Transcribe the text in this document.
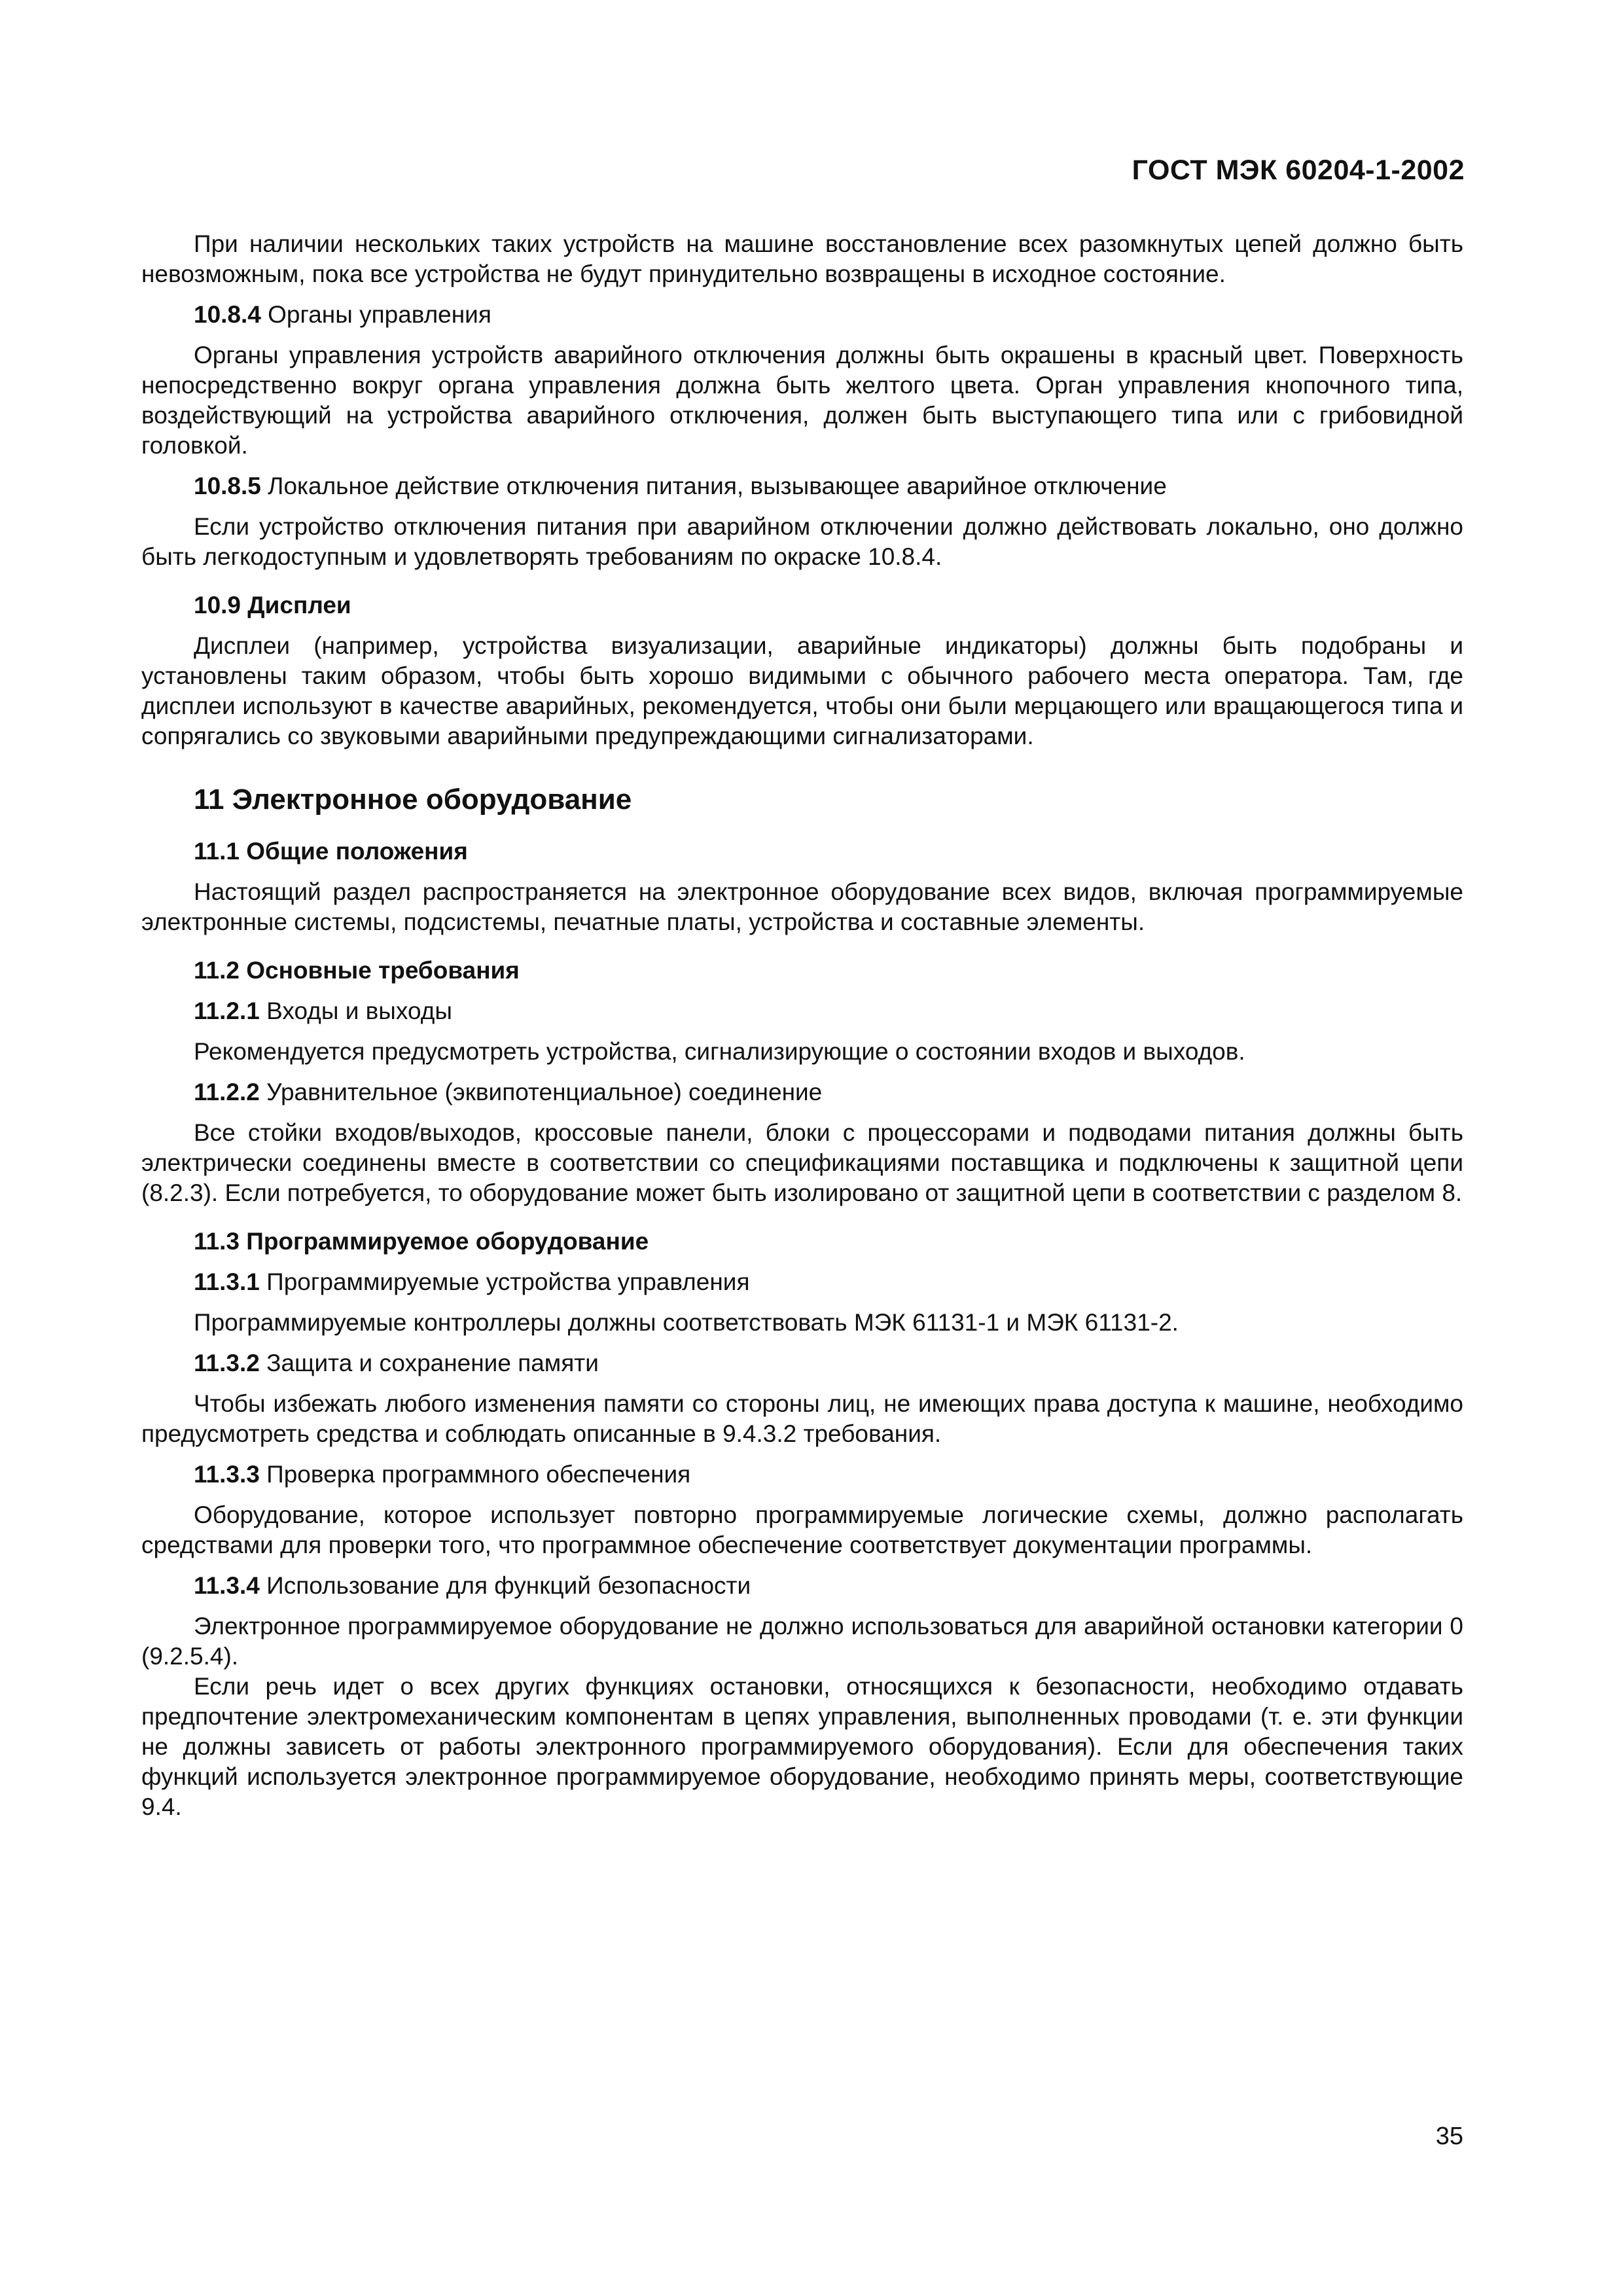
ГОСТ МЭК 60204-1-2002

При наличии нескольких таких устройств на машине восстановление всех разомкнутых цепей должно быть невозможным, пока все устройства не будут принудительно возвращены в исходное состояние.

10.8.4 Органы управления

Органы управления устройств аварийного отключения должны быть окрашены в красный цвет. Поверхность непосредственно вокруг органа управления должна быть желтого цвета. Орган управления кнопочного типа, воздействующий на устройства аварийного отключения, должен быть выступающего типа или с грибовидной головкой.

10.8.5 Локальное действие отключения питания, вызывающее аварийное отключение

Если устройство отключения питания при аварийном отключении должно действовать локально, оно должно быть легкодоступным и удовлетворять требованиям по окраске 10.8.4.

10.9 Дисплеи

Дисплеи (например, устройства визуализации, аварийные индикаторы) должны быть подобраны и установлены таким образом, чтобы быть хорошо видимыми с обычного рабочего места оператора. Там, где дисплеи используют в качестве аварийных, рекомендуется, чтобы они были мерцающего или вращающегося типа и сопрягались со звуковыми аварийными предупреждающими сигнализаторами.

11 Электронное оборудование

11.1 Общие положения

Настоящий раздел распространяется на электронное оборудование всех видов, включая программируемые электронные системы, подсистемы, печатные платы, устройства и составные элементы.

11.2 Основные требования

11.2.1 Входы и выходы

Рекомендуется предусмотреть устройства, сигнализирующие о состоянии входов и выходов.

11.2.2 Уравнительное (эквипотенциальное) соединение

Все стойки входов/выходов, кроссовые панели, блоки с процессорами и подводами питания должны быть электрически соединены вместе в соответствии со спецификациями поставщика и подключены к защитной цепи (8.2.3). Если потребуется, то оборудование может быть изолировано от защитной цепи в соответствии с разделом 8.

11.3 Программируемое оборудование

11.3.1 Программируемые устройства управления

Программируемые контроллеры должны соответствовать МЭК 61131-1 и МЭК 61131-2.

11.3.2 Защита и сохранение памяти

Чтобы избежать любого изменения памяти со стороны лиц, не имеющих права доступа к машине, необходимо предусмотреть средства и соблюдать описанные в 9.4.3.2 требования.

11.3.3 Проверка программного обеспечения

Оборудование, которое использует повторно программируемые логические схемы, должно располагать средствами для проверки того, что программное обеспечение соответствует документации программы.

11.3.4 Использование для функций безопасности

Электронное программируемое оборудование не должно использоваться для аварийной остановки категории 0 (9.2.5.4).

Если речь идет о всех других функциях остановки, относящихся к безопасности, необходимо отдавать предпочтение электромеханическим компонентам в цепях управления, выполненных проводами (т. е. эти функции не должны зависеть от работы электронного программируемого оборудования). Если для обеспечения таких функций используется электронное программируемое оборудование, необходимо принять меры, соответствующие 9.4.

35
